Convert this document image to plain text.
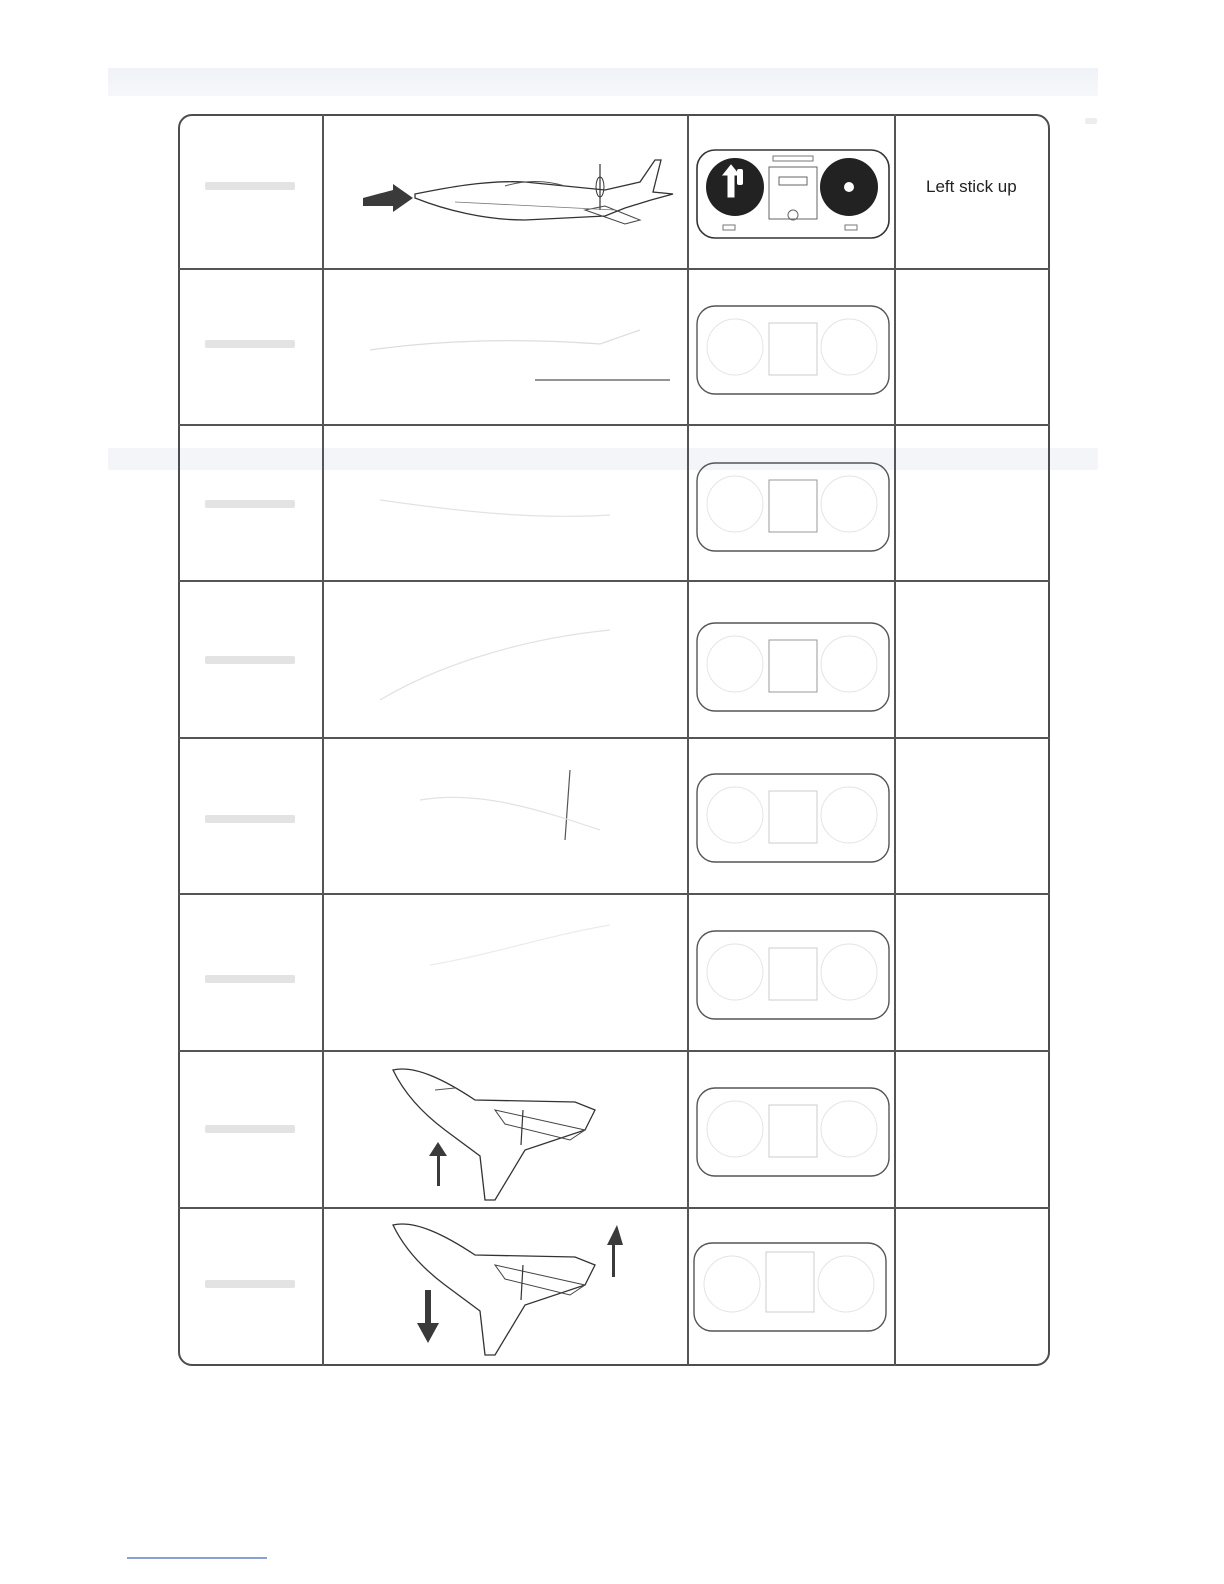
Left stick up
